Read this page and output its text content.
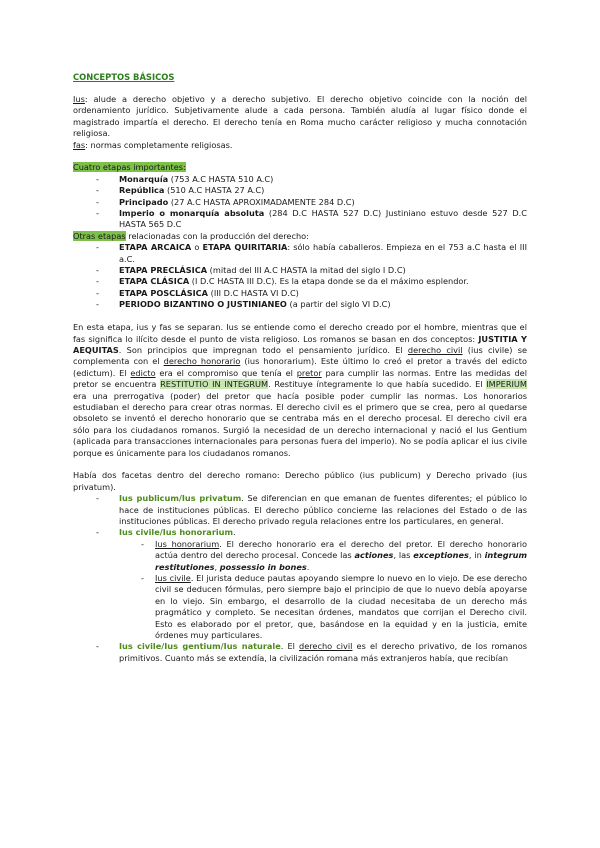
CONCEPTOS BÁSICOS

Ius: alude a derecho objetivo y a derecho subjetivo. El derecho objetivo coincide con la noción del ordenamiento jurídico. Subjetivamente alude a cada persona. También aludía al lugar físico donde el magistrado impartía el derecho. El derecho tenía en Roma mucho carácter religioso y mucha connotación religiosa.

fas: normas completamente religiosas.

Cuatro etapas importantes:

- Monarquía (753 A.C HASTA 510 A.C)
- República (510 A.C HASTA 27 A.C)
- Principado (27 A.C HASTA APROXIMADAMENTE 284 D.C)
- Imperio o monarquía absoluta (284 D.C HASTA 527 D.C) Justiniano estuvo desde 527 D.C HASTA 565 D.C

Otras etapas relacionadas con la producción del derecho:

- ETAPA ARCAICA o ETAPA QUIRITARIA: sólo había caballeros. Empieza en el 753 a.C hasta el III a.C.
- ETAPA PRECLÁSICA (mitad del III A.C HASTA la mitad del siglo I D.C)
- ETAPA CLÁSICA (I D.C HASTA III D.C). Es la etapa donde se da el máximo esplendor.
- ETAPA POSCLÁSICA (III D.C HASTA VI D.C)
- PERIODO BIZANTINO O JUSTINIANEO (a partir del siglo VI D.C)

En esta etapa, ius y fas se separan. Ius se entiende como el derecho creado por el hombre, mientras que el fas significa lo ilícito desde el punto de vista religioso. Los romanos se basan en dos conceptos: JUSTITIA Y AEQUITAS. Son principios que impregnan todo el pensamiento jurídico. El derecho civil (ius civile) se complementa con el derecho honorario (ius honorarium). Este último lo creó el pretor a través del edicto (edictum). El edicto era el compromiso que tenía el pretor para cumplir las normas. Entre las medidas del pretor se encuentra RESTITUTIO IN INTEGRUM. Restituye íntegramente lo que había sucedido. El IMPERIUM era una prerrogativa (poder) del pretor que hacía posible poder cumplir las normas. Los honorarios estudiaban el derecho para crear otras normas. El derecho civil es el primero que se crea, pero al quedarse obsoleto se inventó el derecho honorario que se centraba más en el derecho procesal. El derecho civil era sólo para los ciudadanos romanos. Surgió la necesidad de un derecho internacional y nació el Ius Gentium (aplicada para transacciones internacionales para personas fuera del imperio). No se podía aplicar el ius civile porque es únicamente para los ciudadanos romanos.

Había dos facetas dentro del derecho romano: Derecho público (ius publicum) y Derecho privado (ius privatum).

- Ius publicum/Ius privatum. Se diferencian en que emanan de fuentes diferentes; el público lo hace de instituciones públicas. El derecho público concierne las relaciones del Estado o de las instituciones públicas. El derecho privado regula relaciones entre los particulares, en general.
- Ius civile/Ius honorarium.
- Ius honorarium. El derecho honorario era el derecho del pretor. El derecho honorario actúa dentro del derecho procesal. Concede las actiones, las exceptiones, in integrum restitutiones, possessio in bones.
- Ius civile. El jurista deduce pautas apoyando siempre lo nuevo en lo viejo. De ese derecho civil se deducen fórmulas, pero siempre bajo el principio de que lo nuevo debía apoyarse en lo viejo. Sin embargo, el desarrollo de la ciudad necesitaba de un derecho más pragmático y completo. Se necesitan órdenes, mandatos que corrijan el Derecho civil. Esto es elaborado por el pretor, que, basándose en la equidad y en la justicia, emite órdenes muy particulares.
- Ius civile/Ius gentium/Ius naturale. El derecho civil es el derecho privativo, de los romanos primitivos. Cuanto más se extendía, la civilización romana más extranjeros había, que recibían
